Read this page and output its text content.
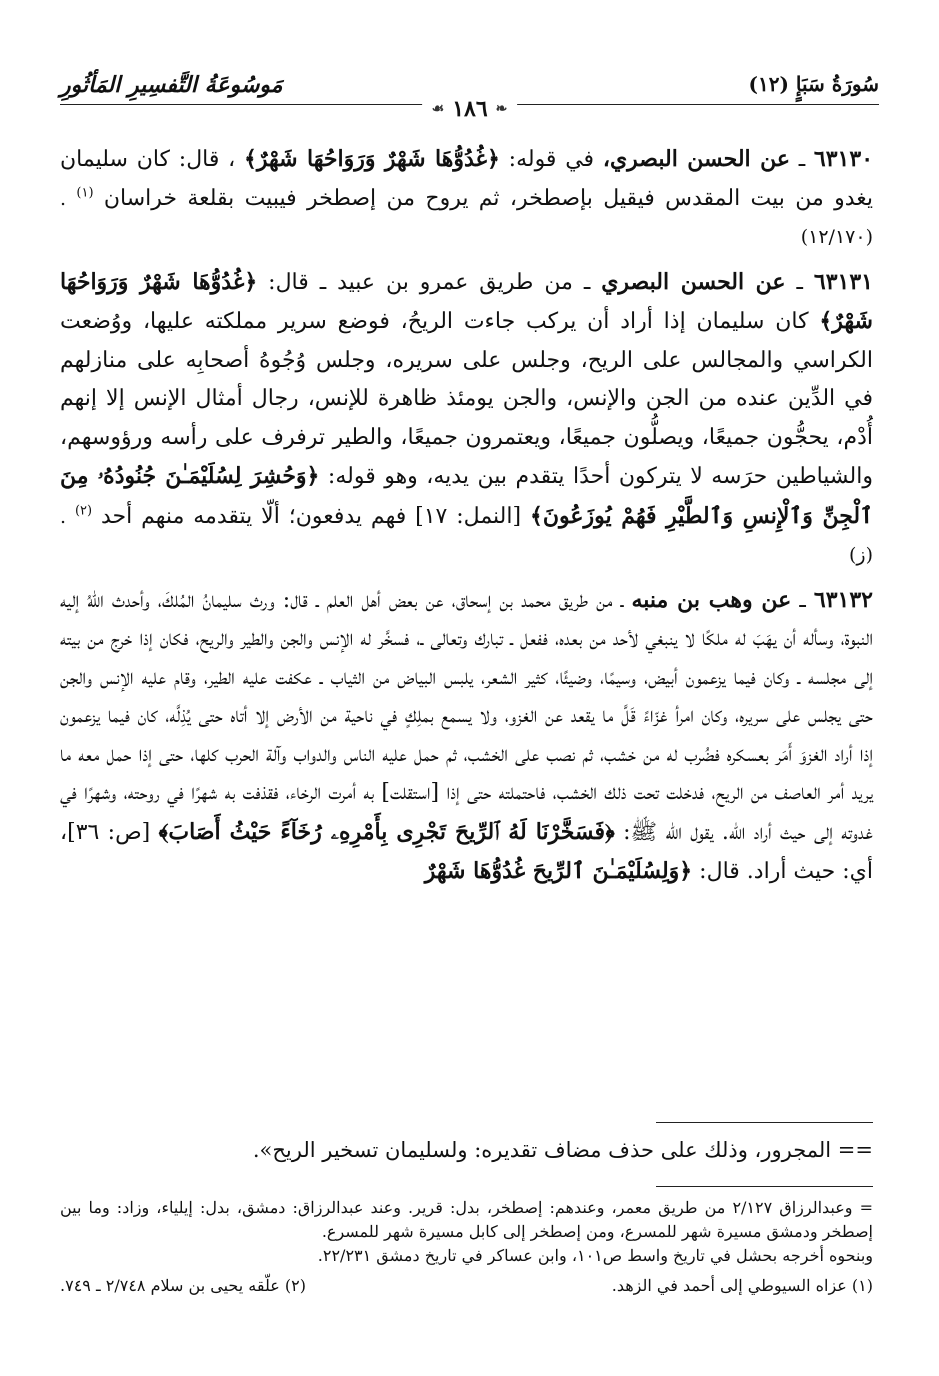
مَوسُوعَةُ التَّفسِيرِ المَأثُورِ	سُورَةُ سَبَإٍ (١٢)
❧
١٨٦
☙

٦٣١٣٠ ـ عن الحسن البصري، في قوله: ﴿غُدُوُّهَا شَهْرٌ وَرَوَاحُهَا شَهْرٌ﴾ ، قال: كان سليمان يغدو من بيت المقدس فيقيل بإصطخر، ثم يروح من إصطخر فيبيت بقلعة خراسان $^{(١)}$ . (١٢/١٧٠)

٦٣١٣١ ـ عن الحسن البصري ـ من طريق عمرو بن عبيد ـ قال: ﴿غُدُوُّهَا شَهْرٌ وَرَوَاحُهَا شَهْرٌ﴾ كان سليمان إذا أراد أن يركب جاءت الريحُ، فوضع سرير مملكته عليها، ووُضعت الكراسي والمجالس على الريح، وجلس على سريره، وجلس وُجُوهُ أصحابِه على منازلهم في الدِّين عنده من الجن والإنس، والجن يومئذ ظاهرة للإنس، رجال أمثال الإنس إلا إنهم أُدْم، يحجُّون جميعًا، ويصلُّون جميعًا، ويعتمرون جميعًا، والطير ترفرف على رأسه ورؤوسهم، والشياطين حرَسه لا يتركون أحدًا يتقدم بين يديه، وهو قوله: ﴿وَحُشِرَ لِسُلَيْمَـٰنَ جُنُودُهُۥ مِنَ ٱلْجِنِّ وَٱلْإِنسِ وَٱلطَّيْرِ فَهُمْ يُوزَعُونَ﴾ [النمل: ١٧] فهم يدفعون؛ ألّا يتقدمه منهم أحد $^{(٢)}$ . (ز)

٦٣١٣٢ ـ عن وهب بن منبه ـ من طريق محمد بن إسحاق، عن بعض أهل العلم ـ قال: ورث سليمانُ المُلكَ، وأحدث اللهُ إليه النبوة، وسأله أن يهَبَ له ملكًا لا ينبغي لأحد من بعده، ففعل ـ تبارك وتعالى ـ، فسخَّر له الإنس والجن والطير والريح، فكان إذا خرج من بيته إلى مجلسه ـ وكان فيما يزعمون أبيض، وسيمًا، وضيئًا، كثير الشعر، يلبس البياض من الثياب ـ عكفت عليه الطير، وقام عليه الإنس والجن حتى يجلس على سريره، وكان امرأ غزّاءً قَلَّ ما يقعد عن الغزو، ولا يسمع بملِكٍ في ناحية من الأرض إلا أتاه حتى يُذِلَّه، كان فيما يزعمون إذا أراد الغزوَ أَمَر بعسكره فضُرب له من خشب، ثم نصب على الخشب، ثم حمل عليه الناس والدواب وآلة الحرب كلها، حتى إذا حمل معه ما يريد أمر العاصف من الريح، فدخلت تحت ذلك الخشب، فاحتملته حتى إذا [استقلت] به أمرت الرخاء، فقذفت به شهرًا في روحته، وشهرًا في غدوته إلى حيث أراد الله. يقول الله ﷺ: ﴿فَسَخَّرْنَا لَهُ ٱلرِّيحَ تَجْرِى بِأَمْرِهِۦ رُخَآءً حَيْثُ أَصَابَ﴾ [ص: ٣٦]، أي: حيث أراد. قال: ﴿وَلِسُلَيْمَـٰنَ ٱلرِّيحَ غُدُوُّهَا شَهْرٌ

== المجرور، وذلك على حذف مضاف تقديره: ولسليمان تسخير الريح».

= وعبدالرزاق ٢/١٢٧ من طريق معمر، وعندهم: إصطخر، بدل: قرير. وعند عبدالرزاق: دمشق، بدل: إيلياء، وزاد: وما بين إصطخر ودمشق مسيرة شهر للمسرع، ومن إصطخر إلى كابل مسيرة شهر للمسرع.

وبنحوه أخرجه بحشل في تاريخ واسط ص١٠١، وابن عساكر في تاريخ دمشق ٢٢/٢٣١.

(١) عزاه السيوطي إلى أحمد في الزهد.
(٢) علّقه يحيى بن سلام ٢/٧٤٨ ـ ٧٤٩.
